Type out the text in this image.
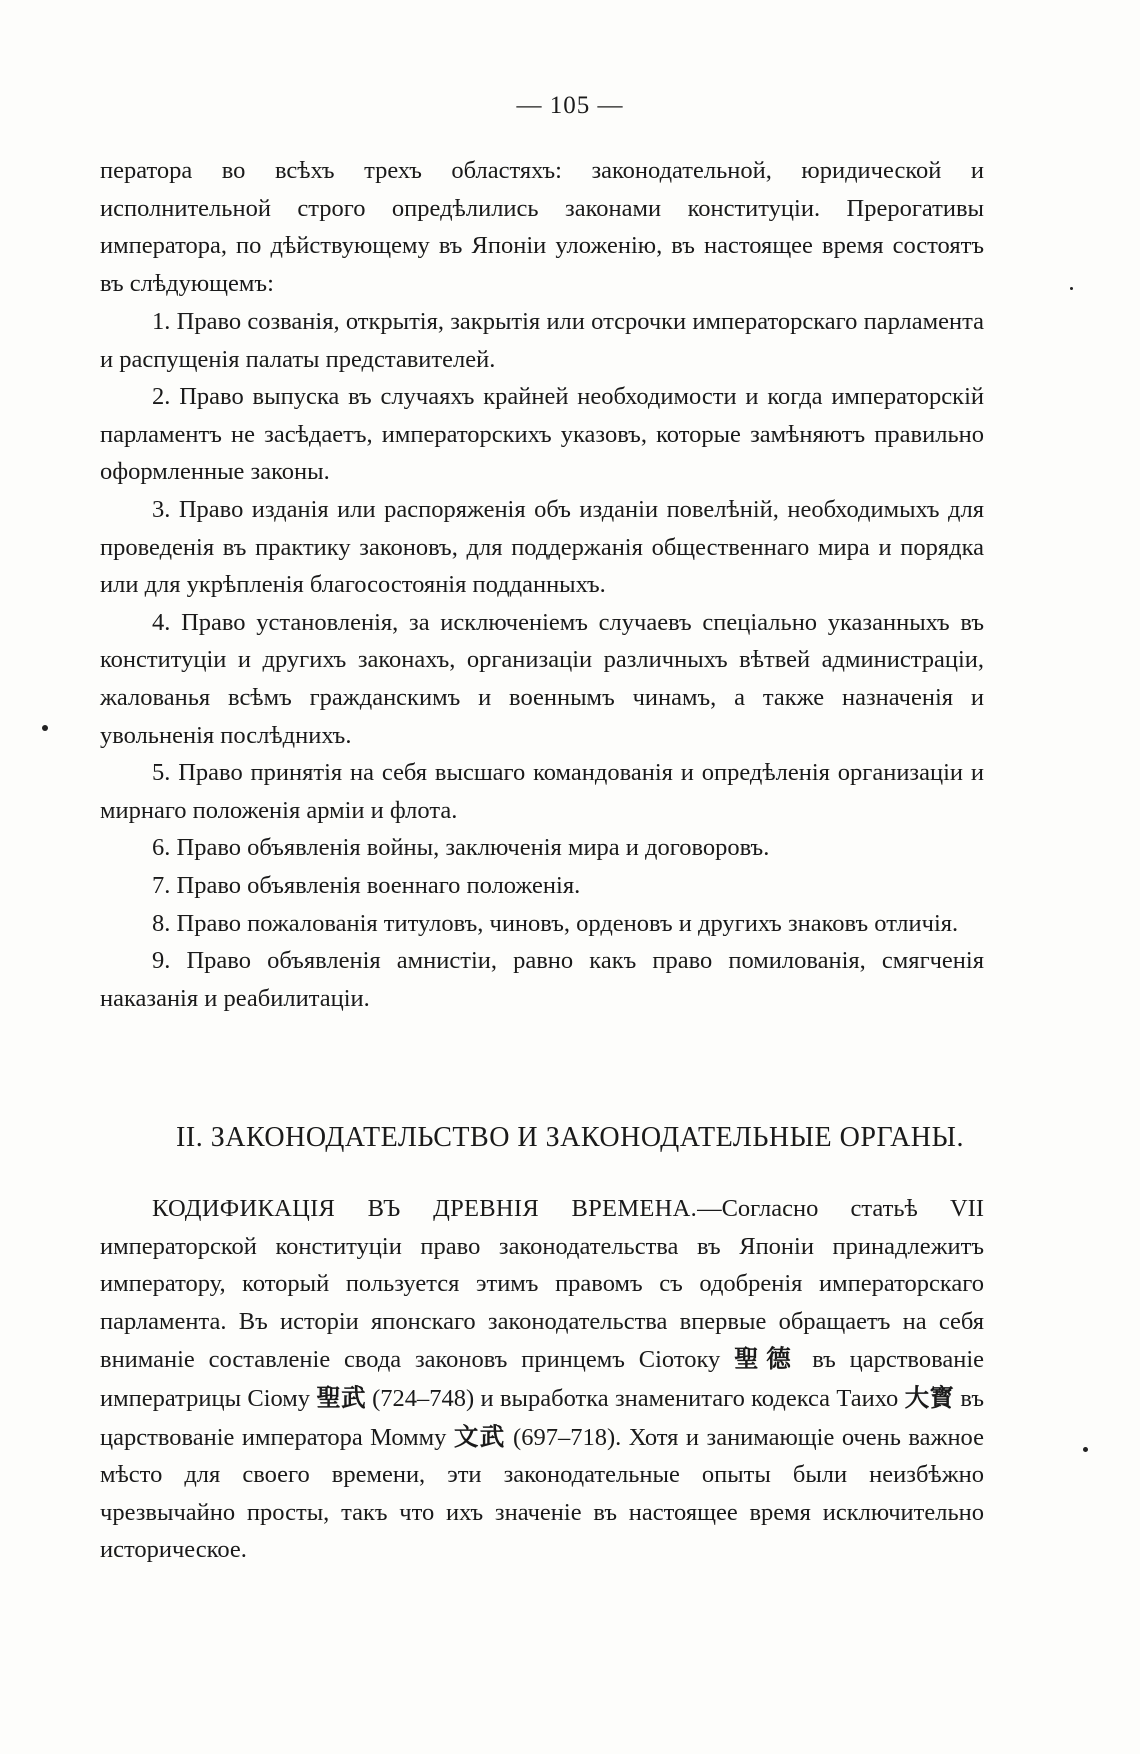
— 105 —

ператора во всѣхъ трехъ областяхъ: законодательной, юридической и исполнительной строго опредѣлились законами конституціи. Прерогативы императора, по дѣйствующему въ Японіи уложенію, въ настоящее время состоятъ въ слѣдующемъ:

1. Право созванія, открытія, закрытія или отсрочки императорскаго парламента и распущенія палаты представителей.

2. Право выпуска въ случаяхъ крайней необходимости и когда императорскій парламентъ не засѣдаетъ, императорскихъ указовъ, которые замѣняютъ правильно оформленные законы.

3. Право изданія или распоряженія объ изданіи повелѣній, необходимыхъ для проведенія въ практику законовъ, для поддержанія общественнаго мира и порядка или для укрѣпленія благосостоянія подданныхъ.

4. Право установленія, за исключеніемъ случаевъ спеціально указанныхъ въ конституціи и другихъ законахъ, организаціи различныхъ вѣтвей администраціи, жалованья всѣмъ гражданскимъ и военнымъ чинамъ, а также назначенія и увольненія послѣднихъ.

5. Право принятія на себя высшаго командованія и опредѣленія организаціи и мирнаго положенія арміи и флота.

6. Право объявленія войны, заключенія мира и договоровъ.

7. Право объявленія военнаго положенія.

8. Право пожалованія титуловъ, чиновъ, орденовъ и другихъ знаковъ отличія.

9. Право объявленія амнистіи, равно какъ право помилованія, смягченія наказанія и реабилитаціи.

II. ЗАКОНОДАТЕЛЬСТВО И ЗАКОНОДАТЕЛЬНЫЕ ОРГАНЫ.

КОДИФИКАЦІЯ ВЪ ДРЕВНІЯ ВРЕМЕНА.—Согласно статьѣ VII императорской конституціи право законодательства въ Японіи принадлежитъ императору, который пользуется этимъ правомъ съ одобренія императорскаго парламента. Въ исторіи японскаго законодательства впервые обращаетъ на себя вниманіе составленіе свода законовъ принцемъ Сіотоку 聖德 въ царствованіе императрицы Сіому 聖武 (724–748) и выработка знаменитаго кодекса Таихо 大寳 въ царствованіе императора Момму 文武 (697–718). Хотя и занимающіе очень важное мѣсто для своего времени, эти законодательные опыты были неизбѣжно чрезвычайно просты, такъ что ихъ значеніе въ настоящее время исключительно историческое.
